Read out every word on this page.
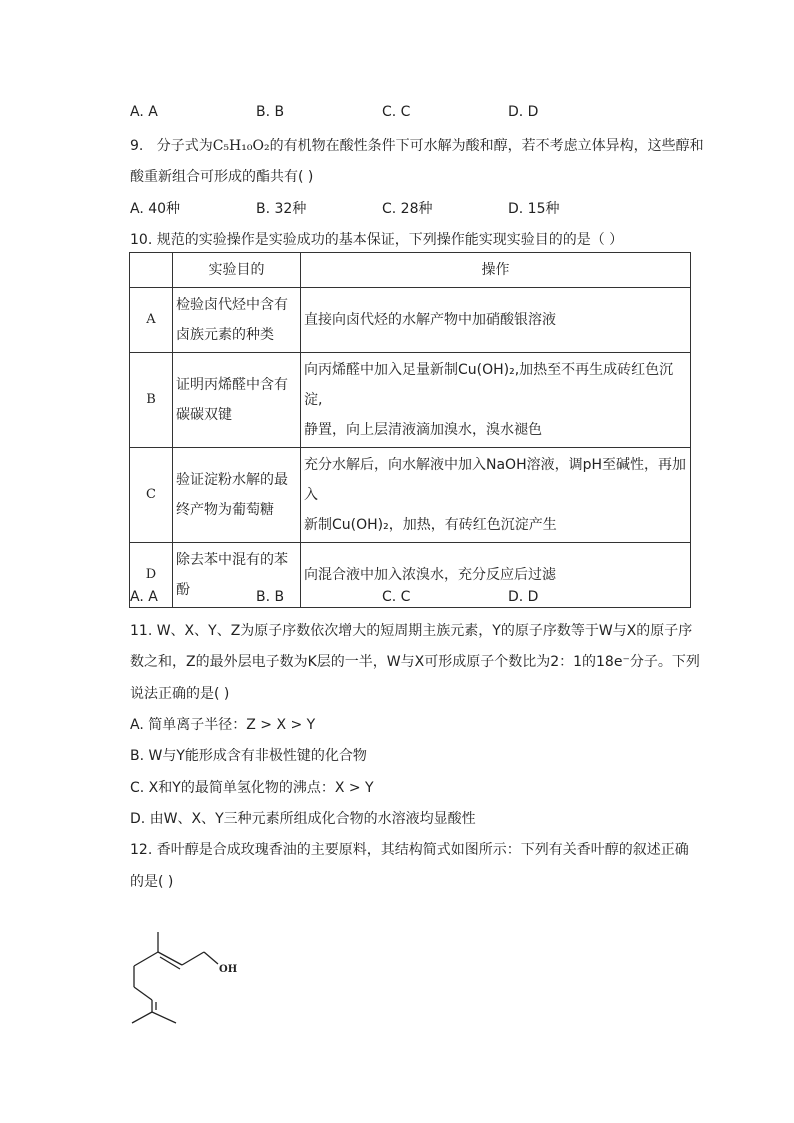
A. A	B. B	C. C	D. D
9. 分子式为C₅H₁₀O₂的有机物在酸性条件下可水解为酸和醇，若不考虑立体异构，这些醇和
酸重新组合可形成的酯共有( )
A. 40种	B. 32种	C. 28种	D. 15种
10. 规范的实验操作是实验成功的基本保证，下列操作能实现实验目的的是（ ）
	实验目的	操作
A	检验卤代烃中含有
卤族元素的种类	直接向卤代烃的水解产物中加硝酸银溶液
B	证明丙烯醛中含有
碳碳双键	向丙烯醛中加入足量新制Cu(OH)₂,加热至不再生成砖红色沉淀,
静置，向上层清液滴加溴水，溴水褪色
C	验证淀粉水解的最
终产物为葡萄糖	充分水解后，向水解液中加入NaOH溶液，调pH至碱性，再加入
新制Cu(OH)₂，加热，有砖红色沉淀产生
D	除去苯中混有的苯
酚	向混合液中加入浓溴水，充分反应后过滤
A. A	B. B	C. C	D. D
11. W、X、Y、Z为原子序数依次增大的短周期主族元素，Y的原子序数等于W与X的原子序
数之和，Z的最外层电子数为K层的一半，W与X可形成原子个数比为2：1的18e⁻分子。下列
说法正确的是( )
A. 简单离子半径：Z > X > Y
B. W与Y能形成含有非极性键的化合物
C. X和Y的最简单氢化物的沸点：X > Y
D. 由W、X、Y三种元素所组成化合物的水溶液均显酸性
12. 香叶醇是合成玫瑰香油的主要原料，其结构简式如图所示：下列有关香叶醇的叙述正确
的是( )
OH
